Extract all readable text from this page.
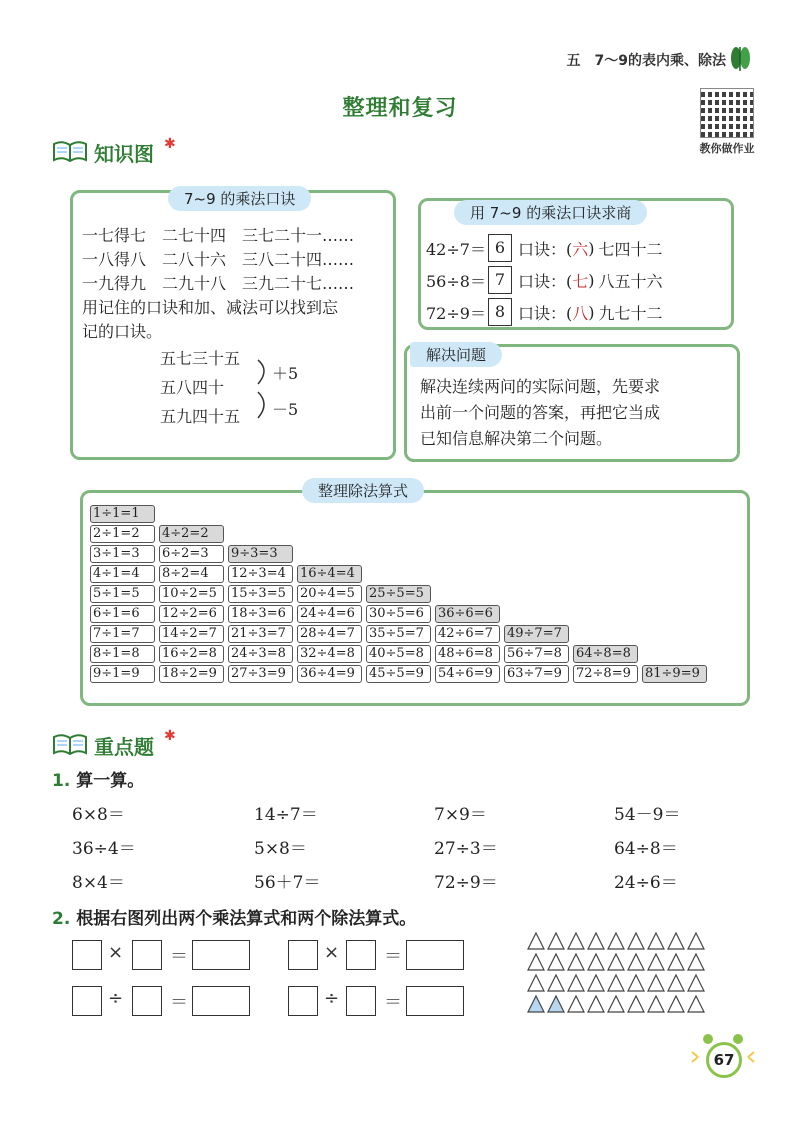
五　7～9的表内乘、除法
整理和复习
教你做作业
知识图 ✱
7~9 的乘法口诀
一七得七　二七十四　三七二十一……
一八得八　二八十六　三八二十四……
一九得九　二九十八　三九二十七……
用记住的口诀和加、减法可以找到忘
记的口诀。
五七三十五
五八四十
五九四十五
＋5
－5
用 7~9 的乘法口诀求商
42÷7＝ 6 口诀：( 六 ) 七四十二
56÷8＝ 7 口诀：( 七 ) 八五十六
72÷9＝ 8 口诀：( 八 ) 九七十二
解决问题
解决连续两问的实际问题，先要求
出前一个问题的答案，再把它当成
已知信息解决第二个问题。
整理除法算式
1÷1=1
2÷1=2	4÷2=2
3÷1=3	6÷2=3	9÷3=3
4÷1=4	8÷2=4	12÷3=4	16÷4=4
5÷1=5	10÷2=5	15÷3=5	20÷4=5	25÷5=5
6÷1=6	12÷2=6	18÷3=6	24÷4=6	30÷5=6	36÷6=6
7÷1=7	14÷2=7	21÷3=7	28÷4=7	35÷5=7	42÷6=7	49÷7=7
8÷1=8	16÷2=8	24÷3=8	32÷4=8	40÷5=8	48÷6=8	56÷7=8	64÷8=8
9÷1=9	18÷2=9	27÷3=9	36÷4=9	45÷5=9	54÷6=9	63÷7=9	72÷8=9	81÷9=9
重点题 ✱
1. 算一算。
6×8＝	14÷7＝	7×9＝	54－9＝
36÷4＝	5×8＝	27÷3＝	64÷8＝
8×4＝	56＋7＝	72÷9＝	24÷6＝
2. 根据右图列出两个乘法算式和两个除法算式。
×	＝	× ＝
÷	＝	÷ ＝
67
